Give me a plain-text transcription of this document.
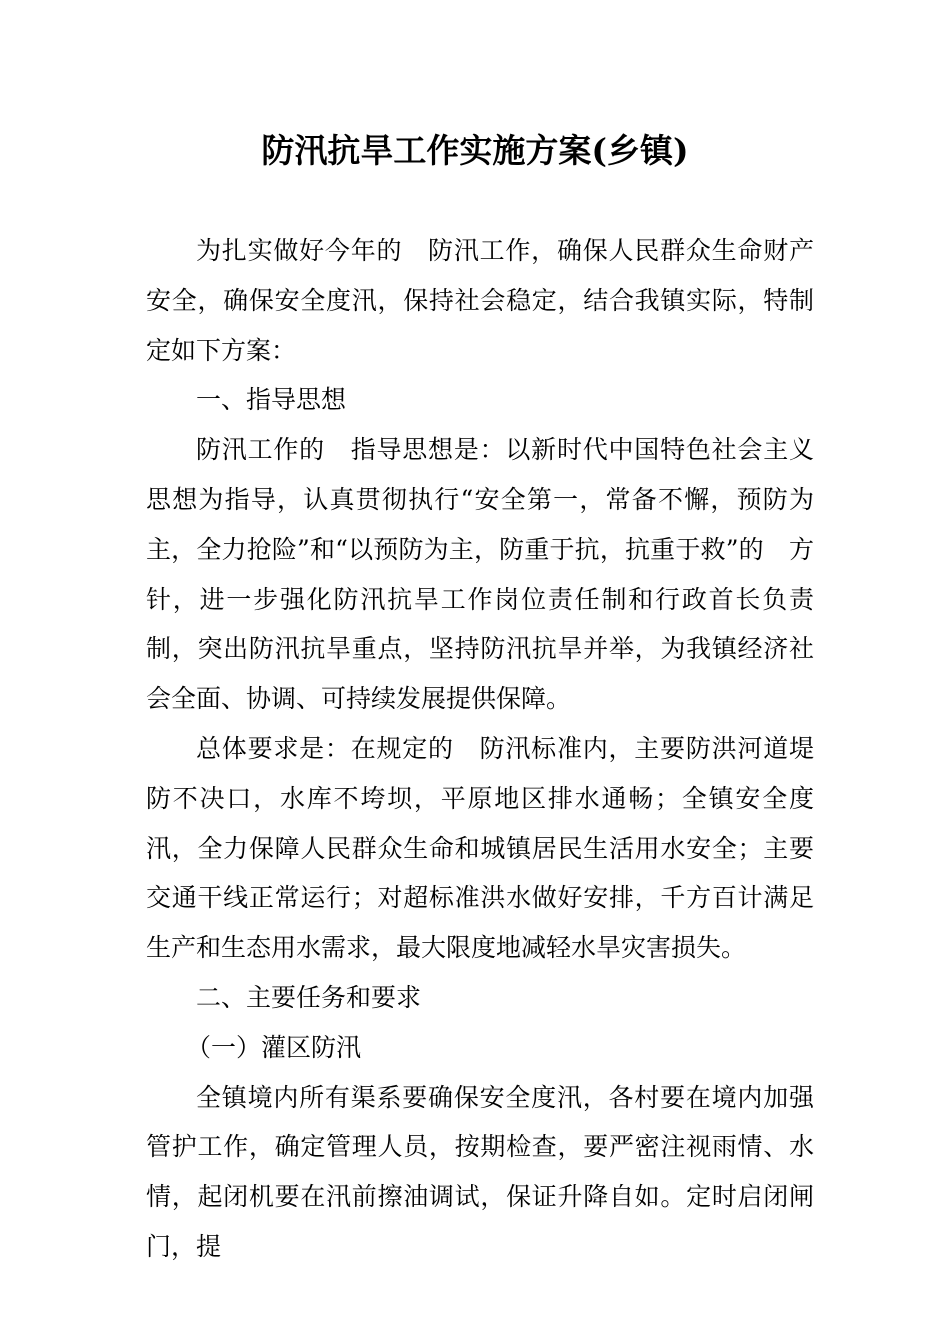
防汛抗旱工作实施方案(乡镇)

为扎实做好今年的　防汛工作，确保人民群众生命财产安全，确保安全度汛，保持社会稳定，结合我镇实际，特制定如下方案：

一、指导思想

防汛工作的　指导思想是：以新时代中国特色社会主义思想为指导，认真贯彻执行“安全第一，常备不懈，预防为主，全力抢险”和“以预防为主，防重于抗，抗重于救”的　方针，进一步强化防汛抗旱工作岗位责任制和行政首长负责制，突出防汛抗旱重点，坚持防汛抗旱并举，为我镇经济社会全面、协调、可持续发展提供保障。

总体要求是：在规定的　防汛标准内，主要防洪河道堤防不决口，水库不垮坝，平原地区排水通畅；全镇安全度汛，全力保障人民群众生命和城镇居民生活用水安全；主要交通干线正常运行；对超标准洪水做好安排，千方百计满足生产和生态用水需求，最大限度地减轻水旱灾害损失。

二、主要任务和要求

（一）灌区防汛

全镇境内所有渠系要确保安全度汛，各村要在境内加强管护工作，确定管理人员，按期检查，要严密注视雨情、水情，起闭机要在汛前擦油调试，保证升降自如。定时启闭闸门，提
